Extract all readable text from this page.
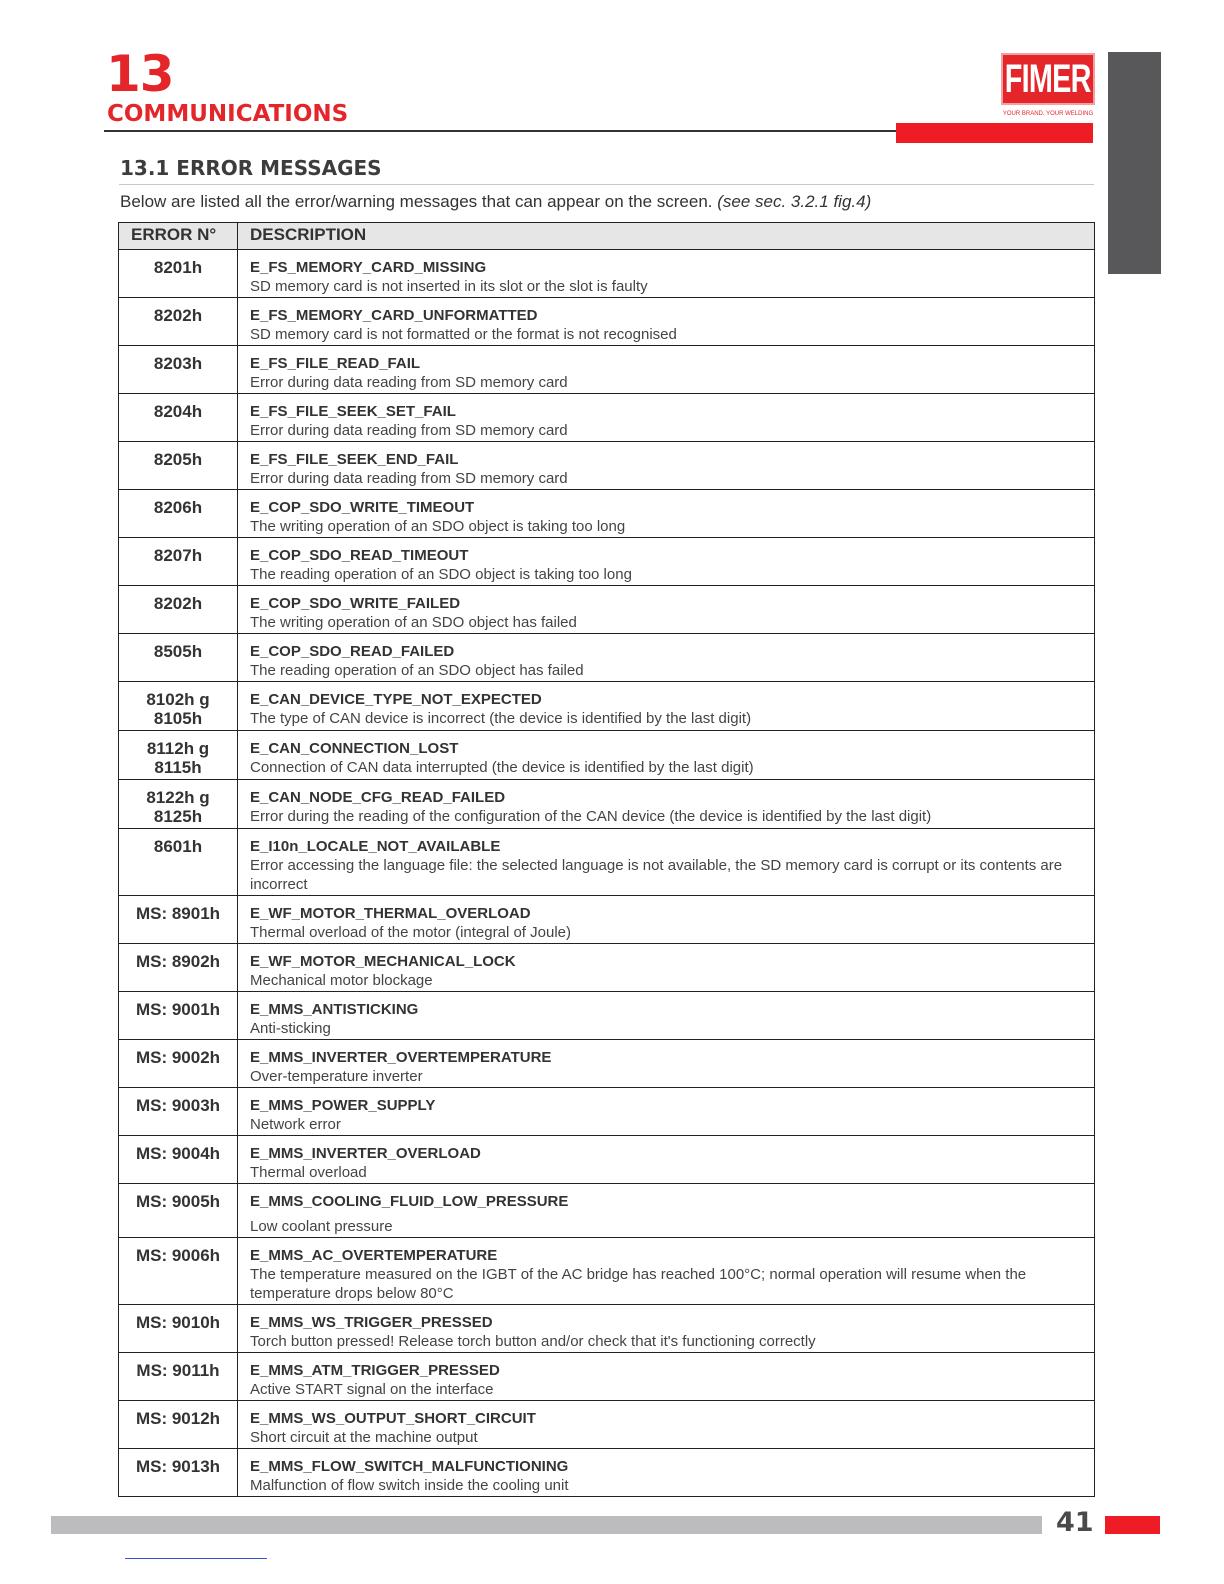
13
COMMUNICATIONS
FIMER
YOUR BRAND. YOUR WELDING
13.1 ERROR MESSAGES
Below are listed all the error/warning messages that can appear on the screen. (see sec. 3.2.1 fig.4)
ERROR N°	DESCRIPTION

8201h	E_FS_MEMORY_CARD_MISSING
SD memory card is not inserted in its slot or the slot is faulty

8202h	E_FS_MEMORY_CARD_UNFORMATTED
SD memory card is not formatted or the format is not recognised

8203h	E_FS_FILE_READ_FAIL
Error during data reading from SD memory card

8204h	E_FS_FILE_SEEK_SET_FAIL
Error during data reading from SD memory card

8205h	E_FS_FILE_SEEK_END_FAIL
Error during data reading from SD memory card

8206h	E_COP_SDO_WRITE_TIMEOUT
The writing operation of an SDO object is taking too long

8207h	E_COP_SDO_READ_TIMEOUT
The reading operation of an SDO object is taking too long

8202h	E_COP_SDO_WRITE_FAILED
The writing operation of an SDO object has failed

8505h	E_COP_SDO_READ_FAILED
The reading operation of an SDO object has failed

8102h g
8105h	E_CAN_DEVICE_TYPE_NOT_EXPECTED
The type of CAN device is incorrect (the device is identified by the last digit)

8112h g
8115h	E_CAN_CONNECTION_LOST
Connection of CAN data interrupted (the device is identified by the last digit)

8122h g
8125h	E_CAN_NODE_CFG_READ_FAILED
Error during the reading of the configuration of the CAN device (the device is identified by the last digit)

8601h	E_I10n_LOCALE_NOT_AVAILABLE
Error accessing the language file: the selected language is not available, the SD memory card is corrupt or its contents are incorrect

MS: 8901h	E_WF_MOTOR_THERMAL_OVERLOAD
Thermal overload of the motor (integral of Joule)

MS: 8902h	E_WF_MOTOR_MECHANICAL_LOCK
Mechanical motor blockage

MS: 9001h	E_MMS_ANTISTICKING
Anti-sticking

MS: 9002h	E_MMS_INVERTER_OVERTEMPERATURE
Over-temperature inverter

MS: 9003h	E_MMS_POWER_SUPPLY
Network error

MS: 9004h	E_MMS_INVERTER_OVERLOAD
Thermal overload

MS: 9005h	E_MMS_COOLING_FLUID_LOW_PRESSURE
Low coolant pressure

MS: 9006h	E_MMS_AC_OVERTEMPERATURE
The temperature measured on the IGBT of the AC bridge has reached 100°C; normal operation will resume when the temperature drops below 80°C

MS: 9010h	E_MMS_WS_TRIGGER_PRESSED
Torch button pressed! Release torch button and/or check that it's functioning correctly

MS: 9011h	E_MMS_ATM_TRIGGER_PRESSED
Active START signal on the interface

MS: 9012h	E_MMS_WS_OUTPUT_SHORT_CIRCUIT
Short circuit at the machine output

MS: 9013h	E_MMS_FLOW_SWITCH_MALFUNCTIONING
Malfunction of flow switch inside the cooling unit
41
